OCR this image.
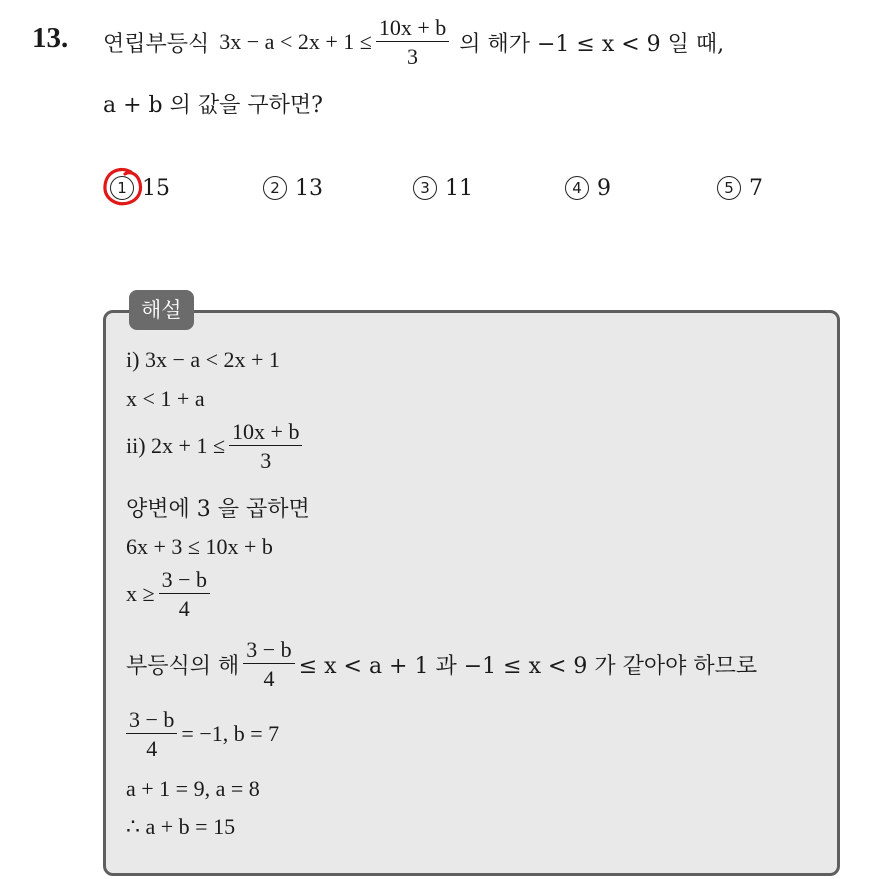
13. 연립부등식 $3x - a < 2x + 1 \le \frac{10x + b}{3}$ 의 해가 −1 ≤ x < 9 일 때,
a + b 의 값을 구하면?
1 15	2 13	3 11	4 9	5 7
해설
i) 3x − a < 2x + 1
x < 1 + a
ii) $2x + 1 \le \frac{10x + b}{3}$
양변에 3 을 곱하면
6x + 3 ≤ 10x + b
$x \ge \frac{3 - b}{4}$
부등식의 해 $\frac{3 - b}{4} \le x < a + 1$ 과 −1 ≤ x < 9 가 같아야 하므로
$\frac{3 - b}{4} = -1$, b = 7
a + 1 = 9, a = 8
∴ a + b = 15
